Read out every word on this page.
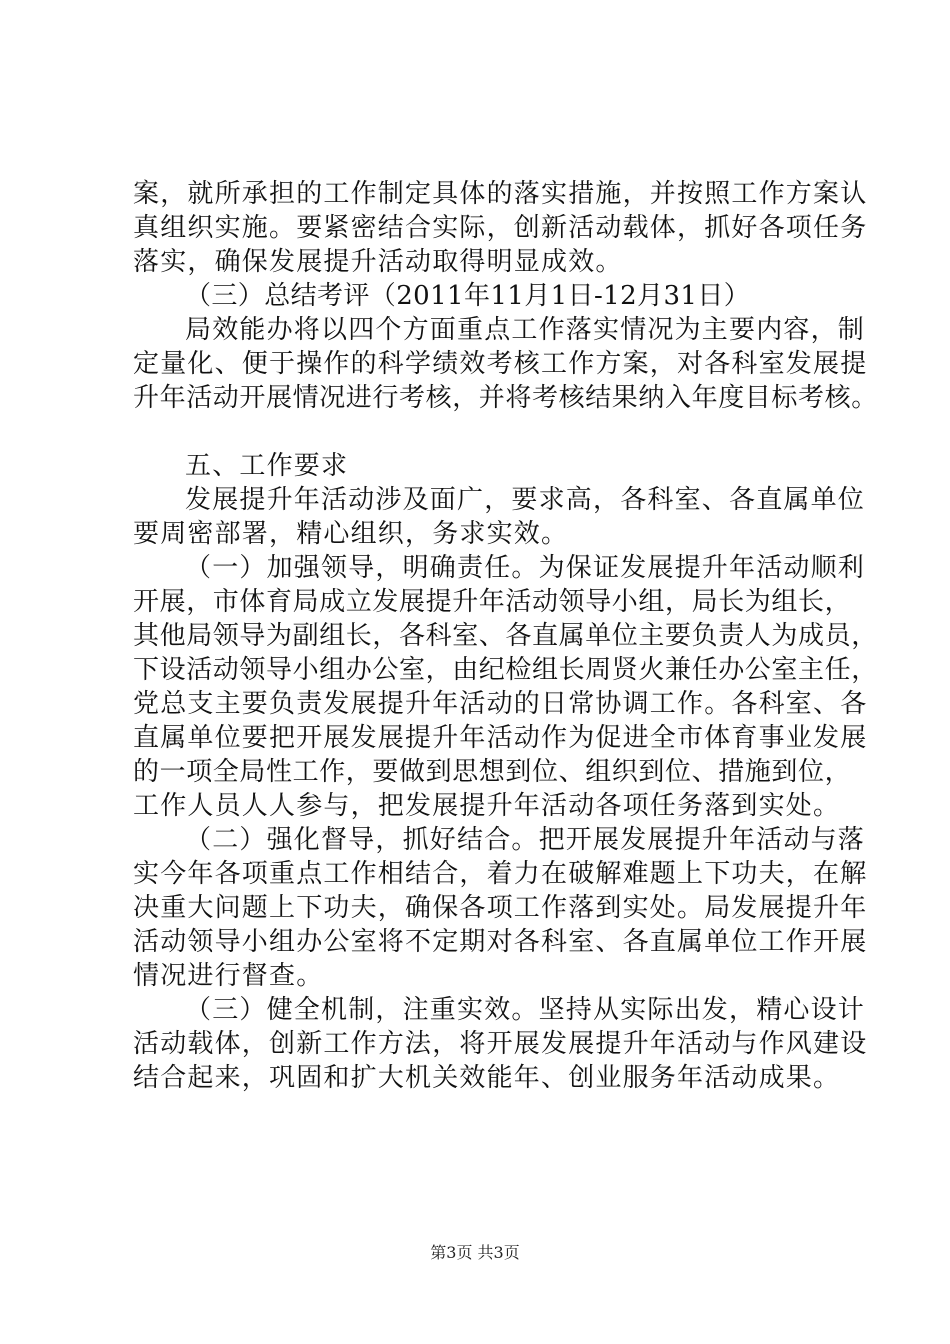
案，就所承担的工作制定具体的落实措施，并按照工作方案认
真组织实施。要紧密结合实际，创新活动载体，抓好各项任务
落实，确保发展提升活动取得明显成效。
（三）总结考评（2011年11月1日-12月31日）
局效能办将以四个方面重点工作落实情况为主要内容，制
定量化、便于操作的科学绩效考核工作方案，对各科室发展提
升年活动开展情况进行考核，并将考核结果纳入年度目标考核。
五、工作要求
发展提升年活动涉及面广，要求高，各科室、各直属单位
要周密部署，精心组织，务求实效。
（一）加强领导，明确责任。为保证发展提升年活动顺利
开展，市体育局成立发展提升年活动领导小组，局长为组长，
其他局领导为副组长，各科室、各直属单位主要负责人为成员，
下设活动领导小组办公室，由纪检组长周贤火兼任办公室主任，
党总支主要负责发展提升年活动的日常协调工作。各科室、各
直属单位要把开展发展提升年活动作为促进全市体育事业发展
的一项全局性工作，要做到思想到位、组织到位、措施到位，
工作人员人人参与，把发展提升年活动各项任务落到实处。
（二）强化督导，抓好结合。把开展发展提升年活动与落
实今年各项重点工作相结合，着力在破解难题上下功夫，在解
决重大问题上下功夫，确保各项工作落到实处。局发展提升年
活动领导小组办公室将不定期对各科室、各直属单位工作开展
情况进行督查。
（三）健全机制，注重实效。坚持从实际出发，精心设计
活动载体，创新工作方法，将开展发展提升年活动与作风建设
结合起来，巩固和扩大机关效能年、创业服务年活动成果。
第3页 共3页
